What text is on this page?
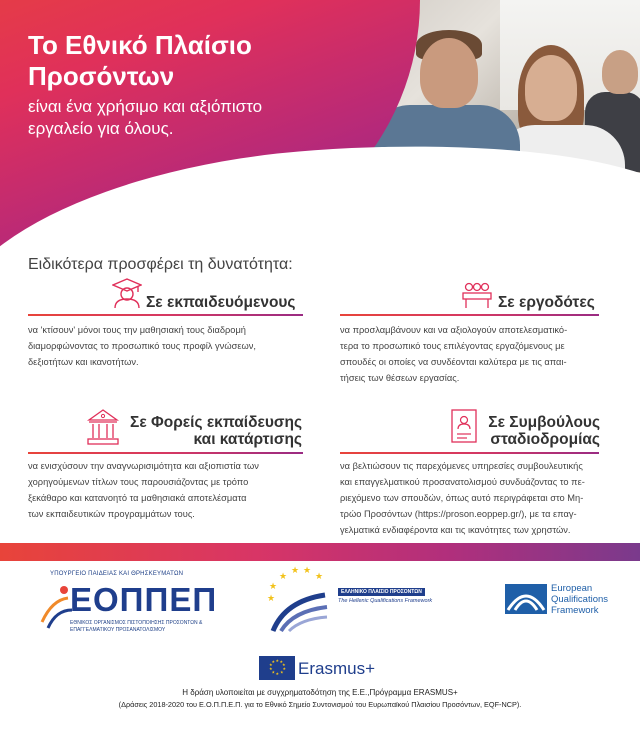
Το Εθνικό Πλαίσιο
Προσόντων
είναι ένα χρήσιμο και αξιόπιστο
εργαλείο για όλους.
Ειδικότερα προσφέρει τη δυνατότητα:
Σε εκπαιδευόμενους
να 'κτίσουν' μόνοι τους την μαθησιακή τους διαδρομή
διαμορφώνοντας το προσωπικό τους προφίλ γνώσεων,
δεξιοτήτων και ικανοτήτων.
Σε εργοδότες
να προσλαμβάνουν και να αξιολογούν αποτελεσματικό-
τερα το προσωπικό τους επιλέγοντας εργαζόμενους με
σπουδές οι οποίες να συνδέονται καλύτερα με τις απαι-
τήσεις των θέσεων εργασίας.
Σε Φορείς εκπαίδευσης
και κατάρτισης
να ενισχύσουν την αναγνωρισιμότητα και αξιοπιστία των
χορηγούμενων τίτλων τους παρουσιάζοντας με τρόπο
ξεκάθαρο και κατανοητό τα μαθησιακά αποτελέσματα
των εκπαιδευτικών προγραμμάτων τους.
Σε Συμβούλους
σταδιοδρομίας
να βελτιώσουν τις παρεχόμενες υπηρεσίες συμβουλευτικής
και επαγγελματικού προσανατολισμού συνδυάζοντας το πε-
ριεχόμενο των σπουδών, όπως αυτό περιγράφεται στο Μη-
τρώο Προσόντων (https://proson.eoppep.gr/), με τα επαγ-
γελματικά ενδιαφέροντα και τις ικανότητες των χρηστών.
ΥΠΟΥΡΓΕΙΟ ΠΑΙΔΕΙΑΣ ΚΑΙ ΘΡΗΣΚΕΥΜΑΤΩΝ
ΕΟΠΠΕΠ
ΕΘΝΙΚΟΣ ΟΡΓΑΝΙΣΜΟΣ ΠΙΣΤΟΠΟΙΗΣΗΣ ΠΡΟΣΟΝΤΩΝ & ΕΠΑΓΓΕΛΜΑΤΙΚΟΥ ΠΡΟΣΑΝΑΤΟΛΙΣΜΟΥ
★
★ ★
★
★
★
ΕΛΛΗΝΙΚΟ ΠΛΑΙΣΙΟ ΠΡΟΣΟΝΤΩΝ
The Hellenic Qualifications Framework
European
Qualifications
Framework
★ ★
★
★
★
★
★
★
★
★ Erasmus+
Η δράση υλοποιείται με συγχρηματοδότηση της Ε.Ε.,Πρόγραμμα ERASMUS+
(Δράσεις 2018-2020 του Ε.Ο.Π.Π.Ε.Π. για το Εθνικό Σημείο Συντονισμού του Ευρωπαϊκού Πλαισίου Προσόντων, EQF-NCP).
